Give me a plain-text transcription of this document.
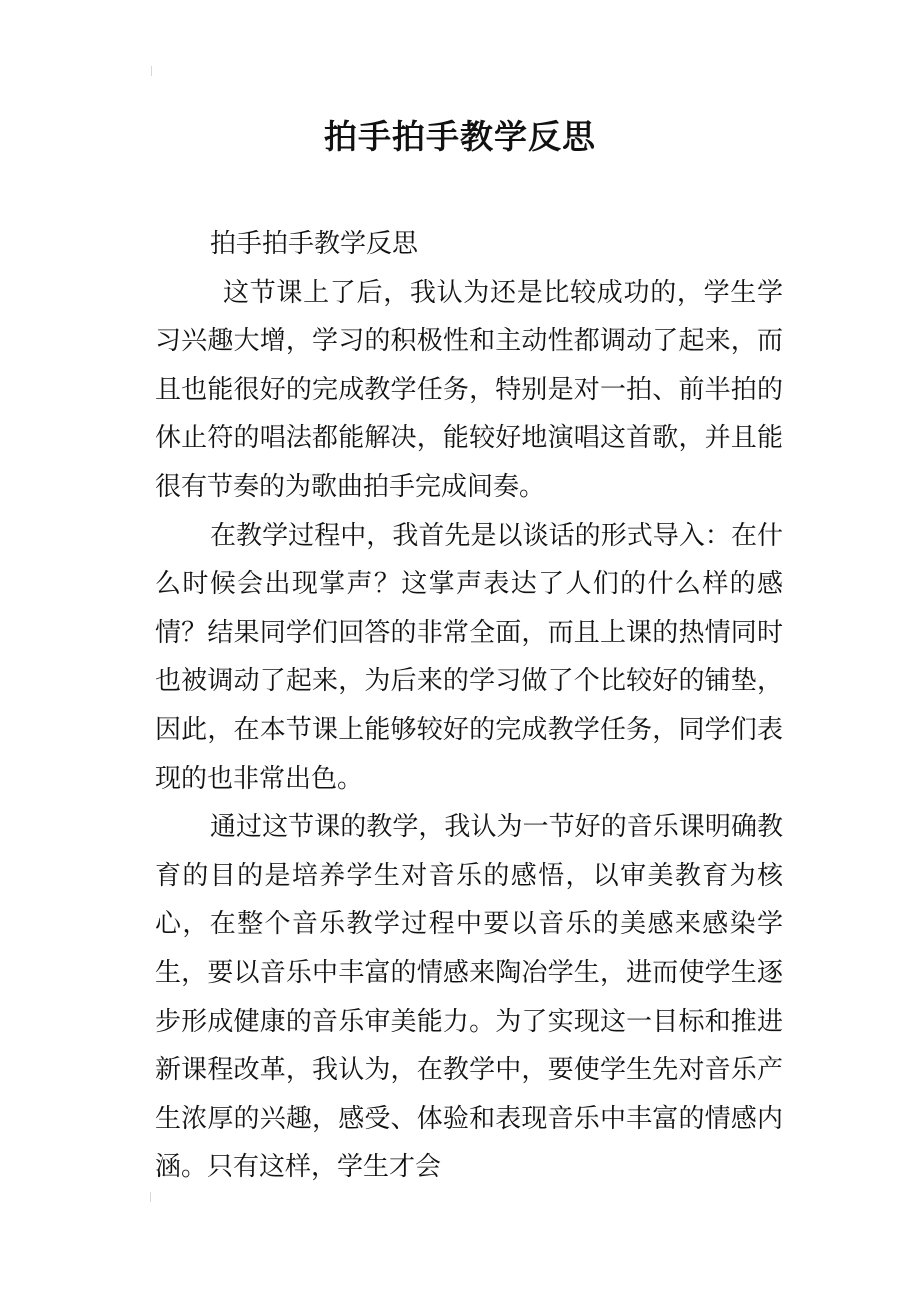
拍手拍手教学反思

拍手拍手教学反思

这节课上了后，我认为还是比较成功的，学生学习兴趣大增，学习的积极性和主动性都调动了起来，而且也能很好的完成教学任务，特别是对一拍、前半拍的休止符的唱法都能解决，能较好地演唱这首歌，并且能很有节奏的为歌曲拍手完成间奏。

在教学过程中，我首先是以谈话的形式导入：在什么时候会出现掌声？这掌声表达了人们的什么样的感情？结果同学们回答的非常全面，而且上课的热情同时也被调动了起来，为后来的学习做了个比较好的铺垫，因此，在本节课上能够较好的完成教学任务，同学们表现的也非常出色。

通过这节课的教学，我认为一节好的音乐课明确教育的目的是培养学生对音乐的感悟，以审美教育为核心，在整个音乐教学过程中要以音乐的美感来感染学生，要以音乐中丰富的情感来陶冶学生，进而使学生逐步形成健康的音乐审美能力。为了实现这一目标和推进新课程改革，我认为，在教学中，要使学生先对音乐产生浓厚的兴趣，感受、体验和表现音乐中丰富的情感内涵。只有这样，学生才会
